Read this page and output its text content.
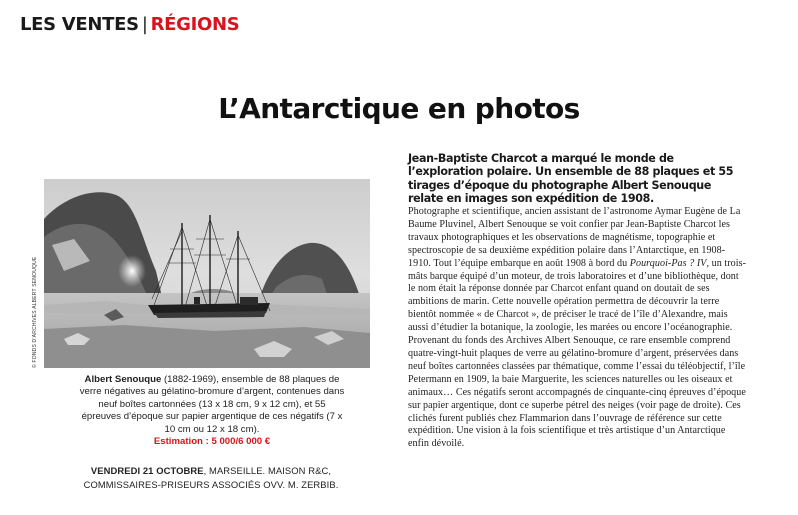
LES VENTES | RÉGIONS
L’Antarctique en photos
© FONDS D’ARCHIVES ALBERT SENOUQUE
Albert Senouque (1882-1969), ensemble de 88 plaques de verre négatives au gélatino-bromure d’argent, contenues dans neuf boîtes cartonnées (13 x 18 cm, 9 x 12 cm), et 55 épreuves d’époque sur papier argentique de ces négatifs (7 x 10 cm ou 12 x 18 cm).
Estimation : 5 000/6 000 €
VENDREDI 21 OCTOBRE, MARSEILLE. MAISON R&C, COMMISSAIRES-PRISEURS ASSOCIÉS OVV. M. ZERBIB.
Jean-Baptiste Charcot a marqué le monde de l’exploration polaire. Un ensemble de 88 plaques et 55 tirages d’époque du photographe Albert Senouque relate en images son expédition de 1908.
Photographe et scientifique, ancien assistant de l’astronome Aymar Eugène de La Baume Pluvinel, Albert Senouque se voit confier par Jean-Baptiste Charcot les travaux photographiques et les observations de magnétisme, topographie et spectroscopie de sa deuxième expédition polaire dans l’Antarctique, en 1908-1910. Tout l’équipe embarque en août 1908 à bord du Pourquoi-Pas ? IV, un trois-mâts barque équipé d’un moteur, de trois laboratoires et d’une bibliothèque, dont le nom était la réponse donnée par Charcot enfant quand on doutait de ses ambitions de marin. Cette nouvelle opération permettra de découvrir la terre bientôt nommée « de Charcot », de préciser le tracé de l’île d’Alexandre, mais aussi d’étudier la botanique, la zoologie, les marées ou encore l’océanographie. Provenant du fonds des Archives Albert Senouque, ce rare ensemble comprend quatre-vingt-huit plaques de verre au gélatino-bromure d’argent, préservées dans neuf boîtes cartonnées classées par thématique, comme l’essai du téléobjectif, l’île Petermann en 1909, la baie Marguerite, les sciences naturelles ou les oiseaux et animaux… Ces négatifs seront accompagnés de cinquante-cinq épreuves d’époque sur papier argentique, dont ce superbe pétrel des neiges (voir page de droite). Ces clichés furent publiés chez Flammarion dans l’ouvrage de référence sur cette expédition. Une vision à la fois scientifique et très artistique d’un Antarctique enfin dévoilé.
